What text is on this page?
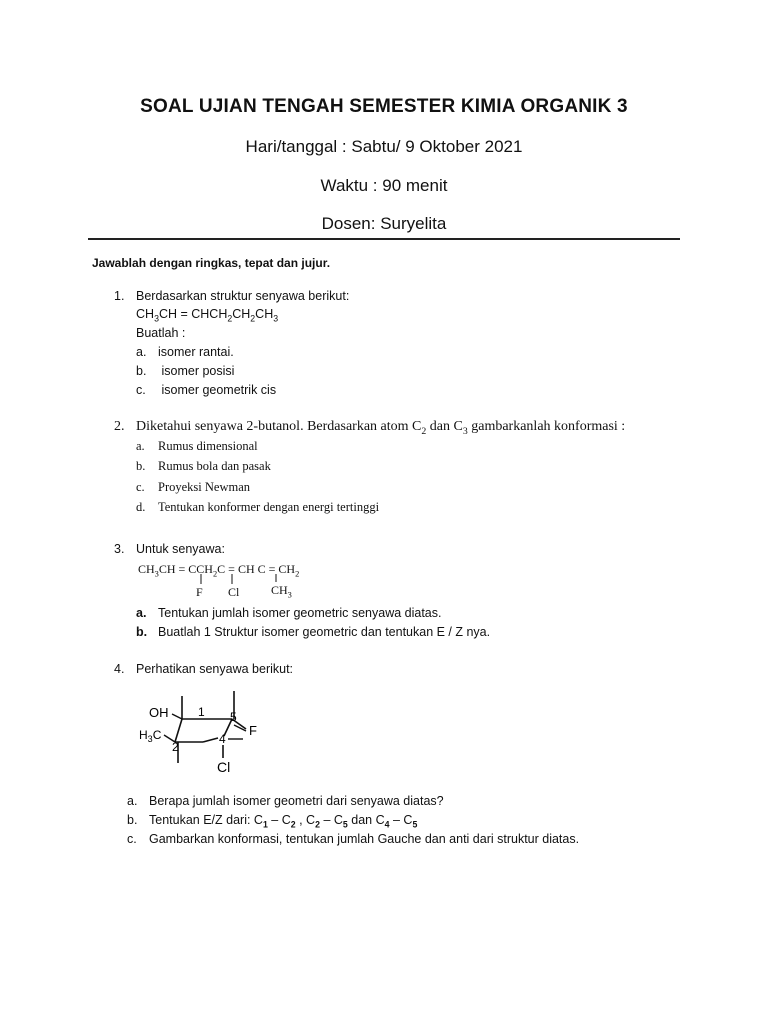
SOAL UJIAN TENGAH SEMESTER KIMIA ORGANIK 3
Hari/tanggal : Sabtu/ 9 Oktober 2021
Waktu : 90 menit
Dosen: Suryelita
Jawablah dengan ringkas, tepat dan jujur.
1. Berdasarkan struktur senyawa berikut:
$CH_3CH$ = $CHCH_2CH_2CH_3$
Buatlah :
a. isomer rantai.
b. isomer posisi
c. isomer geometrik cis
2. Diketahui senyawa 2-butanol. Berdasarkan atom $C_2$ dan $C_3$ gambarkanlah konformasi :
a. Rumus dimensional
b. Rumus bola dan pasak
c. Proyeksi Newman
d. Tentukan konformer dengan energi tertinggi
3. Untuk senyawa:
$CH_3CH = CCH_2C$ = CH $C = CH_2$
F Cl	$CH_3$
a. Tentukan jumlah isomer geometric senyawa diatas.
b. Buatlah 1 Struktur isomer geometric dan tentukan E / Z nya.
4. Perhatikan senyawa berikut:
OH
$H_3C$
1
2
4
5
F
Cl
a. Berapa jumlah isomer geometri dari senyawa diatas?
b. Tentukan E/Z dari: $C_1 - C_2$ , $C_2 - C_5$ dan $C_4 - C_5$
c. Gambarkan konformasi, tentukan jumlah Gauche dan anti dari struktur diatas.
